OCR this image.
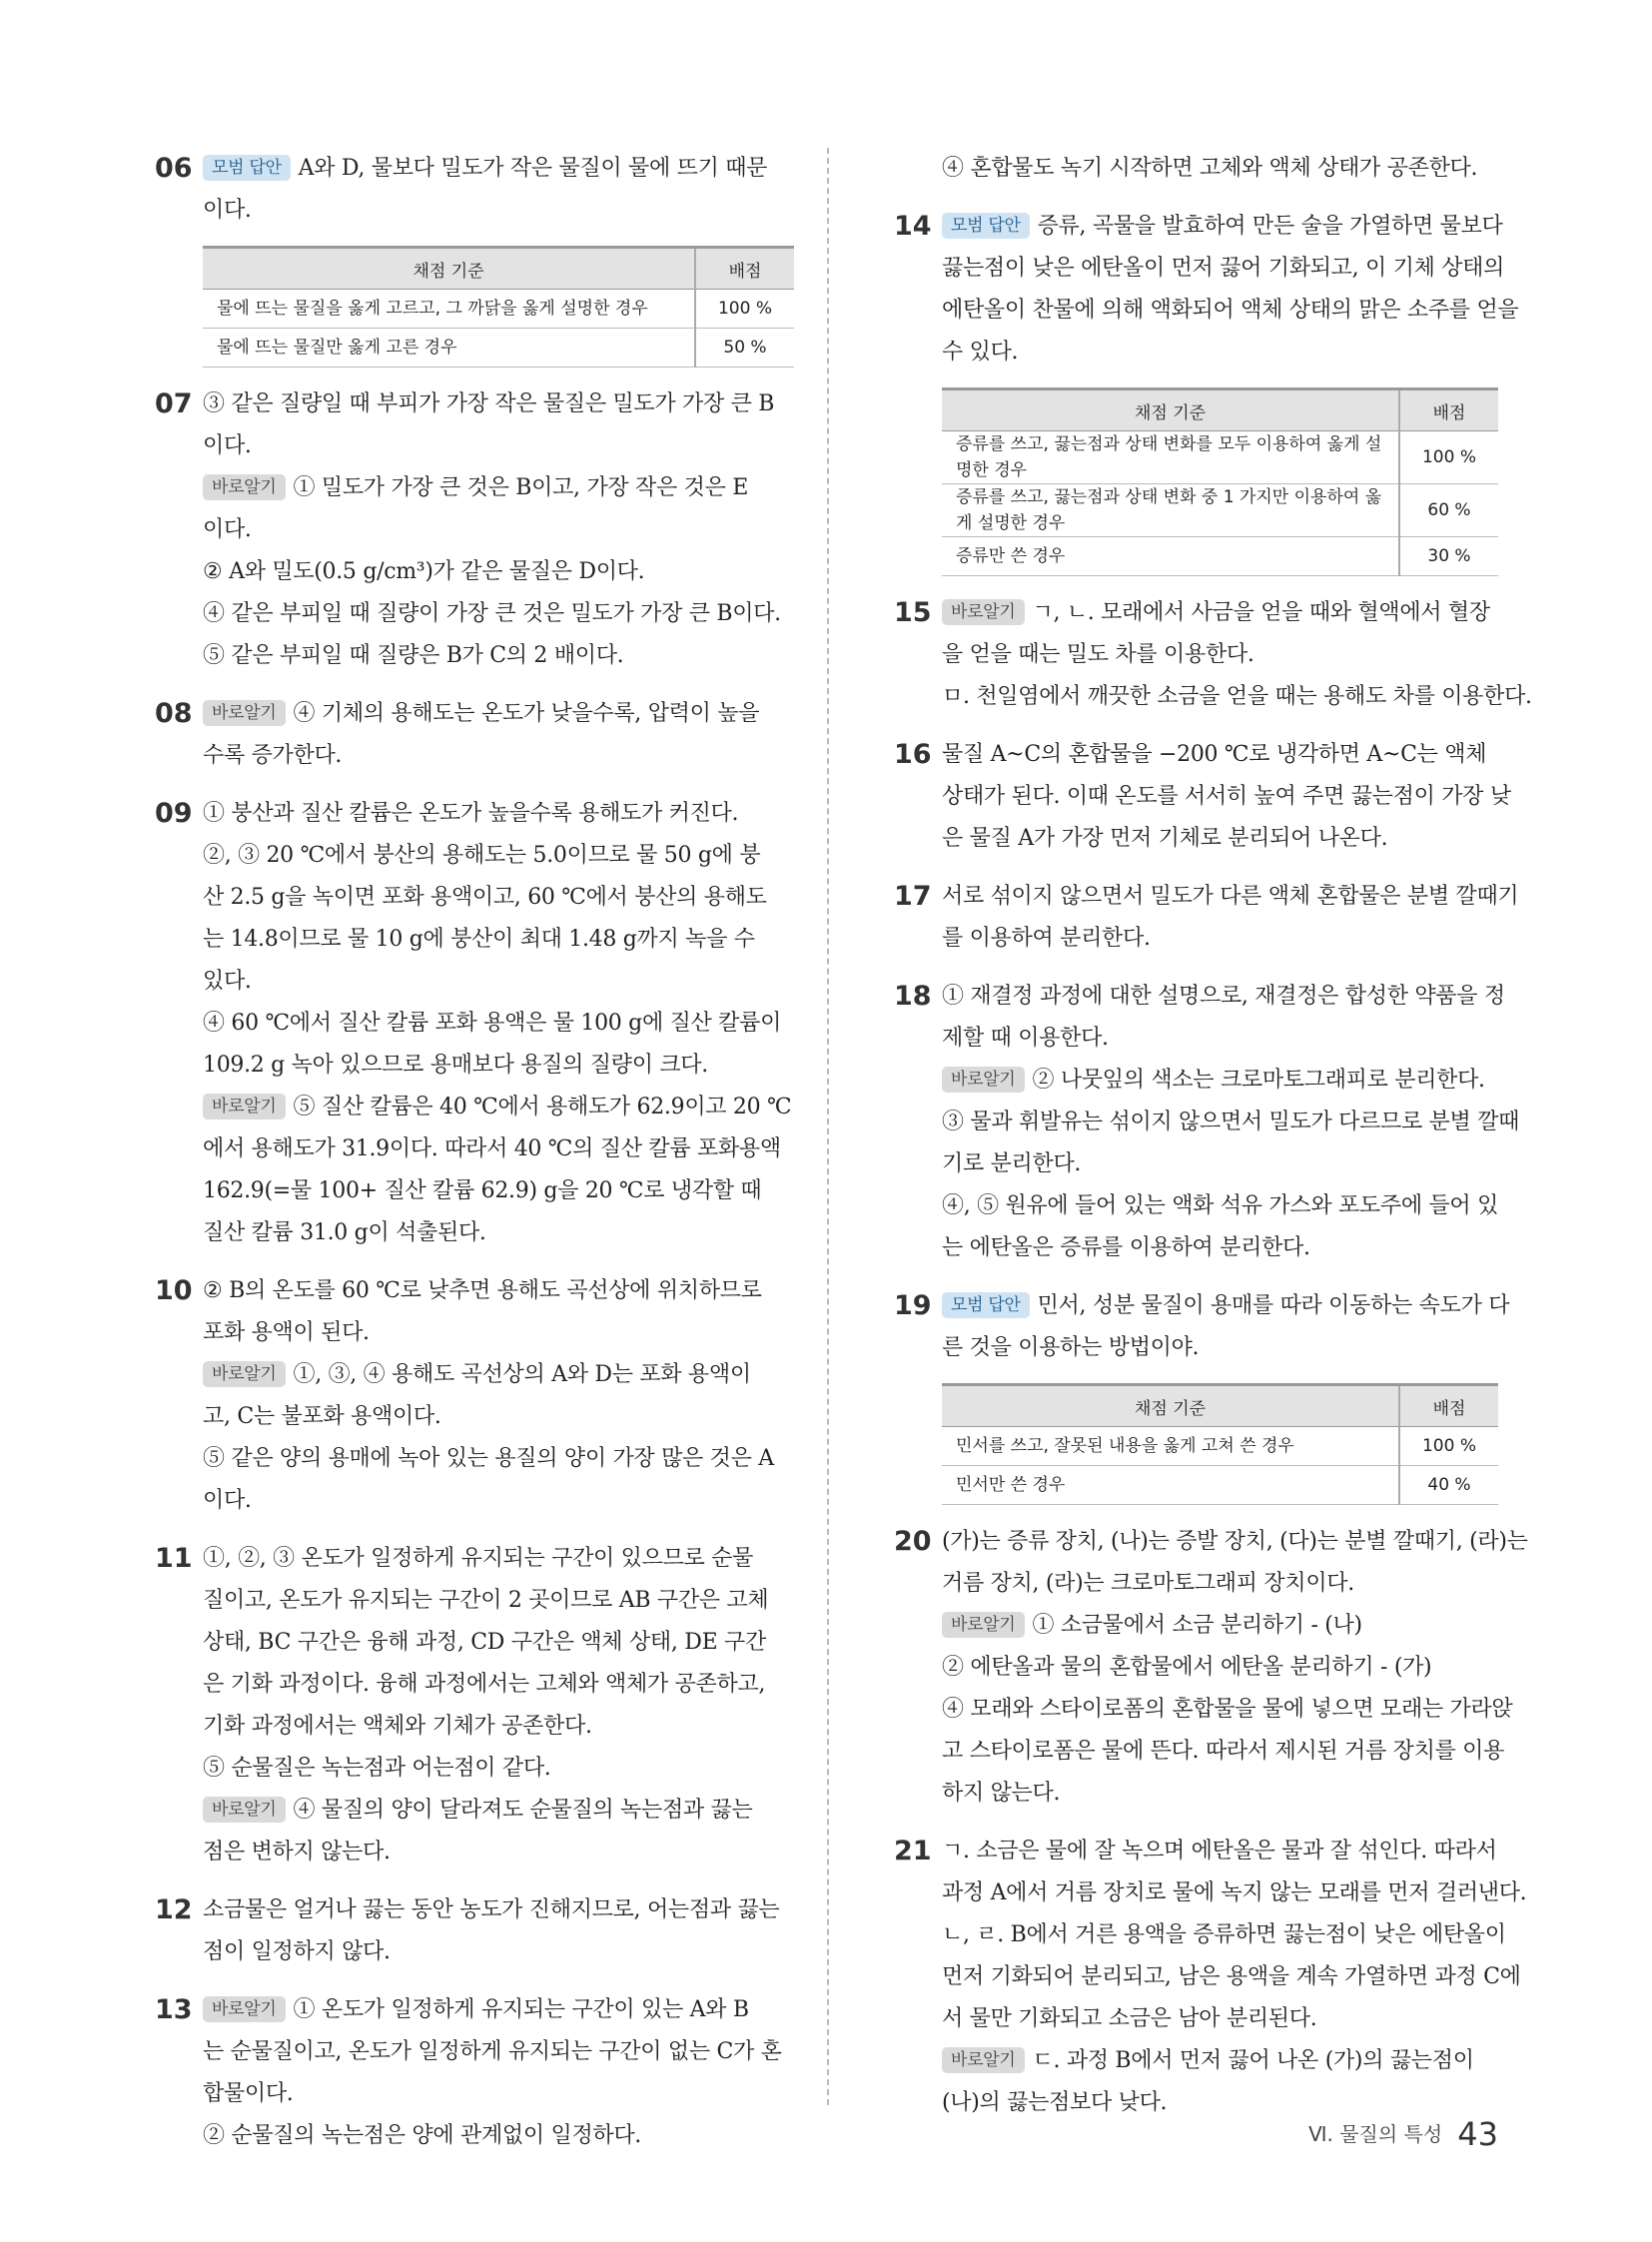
06	모범 답안 A와 D, 물보다 밀도가 작은 물질이 물에 뜨기 때문
이다.
채점 기준	배점
물에 뜨는 물질을 옳게 고르고, 그 까닭을 옳게 설명한 경우	100 %
물에 뜨는 물질만 옳게 고른 경우	50 %
07 ③ 같은 질량일 때 부피가 가장 작은 물질은 밀도가 가장 큰 B
이다.
바로알기 ① 밀도가 가장 큰 것은 B이고, 가장 작은 것은 E
이다.
② A와 밀도(0.5 g/cm³)가 같은 물질은 D이다.
④ 같은 부피일 때 질량이 가장 큰 것은 밀도가 가장 큰 B이다.
⑤ 같은 부피일 때 질량은 B가 C의 2 배이다.
08	바로알기 ④ 기체의 용해도는 온도가 낮을수록, 압력이 높을
수록 증가한다.
09 ① 붕산과 질산 칼륨은 온도가 높을수록 용해도가 커진다.
②, ③ 20 ℃에서 붕산의 용해도는 5.0이므로 물 50 g에 붕
산 2.5 g을 녹이면 포화 용액이고, 60 ℃에서 붕산의 용해도
는 14.8이므로 물 10 g에 붕산이 최대 1.48 g까지 녹을 수
있다.
④ 60 ℃에서 질산 칼륨 포화 용액은 물 100 g에 질산 칼륨이
109.2 g 녹아 있으므로 용매보다 용질의 질량이 크다.
바로알기 ⑤ 질산 칼륨은 40 ℃에서 용해도가 62.9이고 20 ℃
에서 용해도가 31.9이다. 따라서 40 ℃의 질산 칼륨 포화용액
162.9(=물 100+ 질산 칼륨 62.9) g을 20 ℃로 냉각할 때
질산 칼륨 31.0 g이 석출된다.
10 ② B의 온도를 60 ℃로 낮추면 용해도 곡선상에 위치하므로
포화 용액이 된다.
바로알기 ①, ③, ④ 용해도 곡선상의 A와 D는 포화 용액이
고, C는 불포화 용액이다.
⑤ 같은 양의 용매에 녹아 있는 용질의 양이 가장 많은 것은 A
이다.
11 ①, ②, ③ 온도가 일정하게 유지되는 구간이 있으므로 순물
질이고, 온도가 유지되는 구간이 2 곳이므로 AB 구간은 고체
상태, BC 구간은 융해 과정, CD 구간은 액체 상태, DE 구간
은 기화 과정이다. 융해 과정에서는 고체와 액체가 공존하고,
기화 과정에서는 액체와 기체가 공존한다.
⑤ 순물질은 녹는점과 어는점이 같다.
바로알기 ④ 물질의 양이 달라져도 순물질의 녹는점과 끓는
점은 변하지 않는다.
12 소금물은 얼거나 끓는 동안 농도가 진해지므로, 어는점과 끓는
점이 일정하지 않다.
13	바로알기 ① 온도가 일정하게 유지되는 구간이 있는 A와 B
는 순물질이고, 온도가 일정하게 유지되는 구간이 없는 C가 혼
합물이다.
② 순물질의 녹는점은 양에 관계없이 일정하다.
④ 혼합물도 녹기 시작하면 고체와 액체 상태가 공존한다.
14	모범 답안 증류, 곡물을 발효하여 만든 술을 가열하면 물보다
끓는점이 낮은 에탄올이 먼저 끓어 기화되고, 이 기체 상태의
에탄올이 찬물에 의해 액화되어 액체 상태의 맑은 소주를 얻을
수 있다.
채점 기준	배점
증류를 쓰고, 끓는점과 상태 변화를 모두 이용하여 옳게 설명한 경우	100 %
증류를 쓰고, 끓는점과 상태 변화 중 1 가지만 이용하여 옳게 설명한 경우	60 %
증류만 쓴 경우	30 %
15	바로알기 ㄱ, ㄴ. 모래에서 사금을 얻을 때와 혈액에서 혈장
을 얻을 때는 밀도 차를 이용한다.
ㅁ. 천일염에서 깨끗한 소금을 얻을 때는 용해도 차를 이용한다.
16 물질 A~C의 혼합물을 −200 ℃로 냉각하면 A~C는 액체
상태가 된다. 이때 온도를 서서히 높여 주면 끓는점이 가장 낮
은 물질 A가 가장 먼저 기체로 분리되어 나온다.
17 서로 섞이지 않으면서 밀도가 다른 액체 혼합물은 분별 깔때기
를 이용하여 분리한다.
18 ① 재결정 과정에 대한 설명으로, 재결정은 합성한 약품을 정
제할 때 이용한다.
바로알기 ② 나뭇잎의 색소는 크로마토그래피로 분리한다.
③ 물과 휘발유는 섞이지 않으면서 밀도가 다르므로 분별 깔때
기로 분리한다.
④, ⑤ 원유에 들어 있는 액화 석유 가스와 포도주에 들어 있
는 에탄올은 증류를 이용하여 분리한다.
19	모범 답안 민서, 성분 물질이 용매를 따라 이동하는 속도가 다
른 것을 이용하는 방법이야.
채점 기준	배점
민서를 쓰고, 잘못된 내용을 옳게 고쳐 쓴 경우	100 %
민서만 쓴 경우	40 %
20 (가)는 증류 장치, (나)는 증발 장치, (다)는 분별 깔때기, (라)는
거름 장치, (라)는 크로마토그래피 장치이다.
바로알기 ① 소금물에서 소금 분리하기 - (나)
② 에탄올과 물의 혼합물에서 에탄올 분리하기 - (가)
④ 모래와 스타이로폼의 혼합물을 물에 넣으면 모래는 가라앉
고 스타이로폼은 물에 뜬다. 따라서 제시된 거름 장치를 이용
하지 않는다.
21 ㄱ. 소금은 물에 잘 녹으며 에탄올은 물과 잘 섞인다. 따라서
과정 A에서 거름 장치로 물에 녹지 않는 모래를 먼저 걸러낸다.
ㄴ, ㄹ. B에서 거른 용액을 증류하면 끓는점이 낮은 에탄올이
먼저 기화되어 분리되고, 남은 용액을 계속 가열하면 과정 C에
서 물만 기화되고 소금은 남아 분리된다.
바로알기 ㄷ. 과정 B에서 먼저 끓어 나온 (가)의 끓는점이
(나)의 끓는점보다 낮다.
Ⅵ. 물질의 특성 43
